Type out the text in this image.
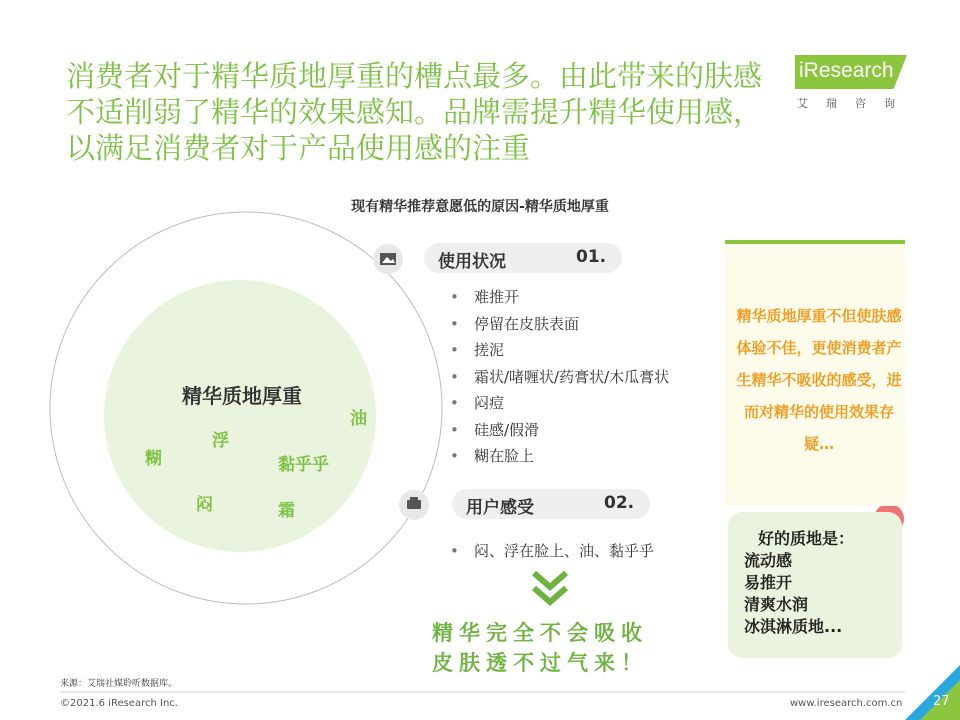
消费者对于精华质地厚重的槽点最多。由此带来的肤感不适削弱了精华的效果感知。品牌需提升精华使用感，以满足消费者对于产品使用感的注重
iResearch
艾瑞咨询
现有精华推荐意愿低的原因-精华质地厚重
精华质地厚重
油
浮
糊	黏乎乎
闷	霜
使用状况	01.
• 难推开
• 停留在皮肤表面
• 搓泥
• 霜状/啫喱状/药膏状/木瓜膏状
• 闷痘
• 硅感/假滑
• 糊在脸上
用户感受	02.
• 闷、浮在脸上、油、黏乎乎
精华完全不会吸收
皮肤透不过气来！
精华质地厚重不但使肤感体验不佳，更使消费者产生精华不吸收的感受，进而对精华的使用效果存疑…
好的质地是：
流动感
易推开
清爽水润
冰淇淋质地...
来源：艾瑞社媒聆听数据库。
©2021.6 iResearch Inc.	www.iresearch.com.cn 27
